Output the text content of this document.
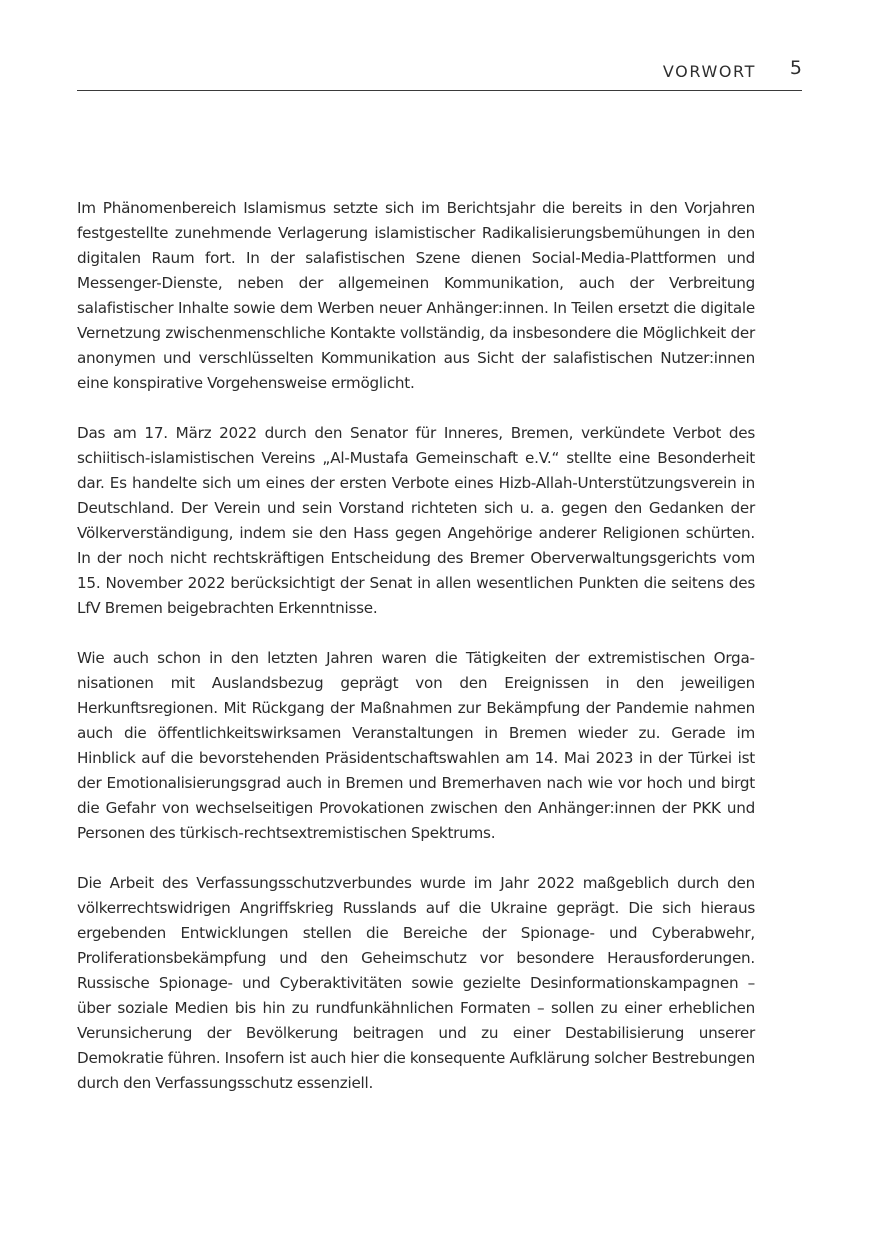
VORWORT 5

Im Phänomenbereich Islamismus setzte sich im Berichtsjahr die bereits in den Vorjahren festgestellte zunehmende Verlagerung islamistischer Radikalisierungsbemühungen in den digitalen Raum fort. In der salafistischen Szene dienen Social-Media-Plattformen und Messenger-Dienste, neben der allgemeinen Kommunikation, auch der Verbreitung salafistischer Inhalte sowie dem Werben neuer Anhänger:innen. In Teilen ersetzt die digitale Vernetzung zwischenmenschliche Kontakte vollständig, da insbesondere die Möglichkeit der anonymen und verschlüsselten Kommunikation aus Sicht der salafistischen Nutzer:innen eine konspirative Vorgehensweise ermöglicht.

Das am 17. März 2022 durch den Senator für Inneres, Bremen, verkündete Verbot des schiitisch-islamistischen Vereins „Al-Mustafa Gemeinschaft e.V.“ stellte eine Besonderheit dar. Es handelte sich um eines der ersten Verbote eines Hizb-Allah-Unterstützungsverein in Deutschland. Der Verein und sein Vorstand richteten sich u. a. gegen den Gedanken der Völkerverständigung, indem sie den Hass gegen Angehörige anderer Religionen schürten. In der noch nicht rechtskräftigen Entscheidung des Bremer Oberverwaltungsgerichts vom 15. November 2022 berücksichtigt der Senat in allen wesentlichen Punkten die seitens des LfV Bremen beigebrachten Erkenntnisse.

Wie auch schon in den letzten Jahren waren die Tätigkeiten der extremistischen Organisationen mit Auslandsbezug geprägt von den Ereignissen in den jeweiligen Herkunftsregionen. Mit Rückgang der Maßnahmen zur Bekämpfung der Pandemie nahmen auch die öffentlichkeitswirksamen Veranstaltungen in Bremen wieder zu. Gerade im Hinblick auf die bevorstehenden Präsidentschaftswahlen am 14. Mai 2023 in der Türkei ist der Emotionalisierungsgrad auch in Bremen und Bremerhaven nach wie vor hoch und birgt die Gefahr von wechselseitigen Provokationen zwischen den Anhänger:innen der PKK und Personen des türkisch-rechtsextremistischen Spektrums.

Die Arbeit des Verfassungsschutzverbundes wurde im Jahr 2022 maßgeblich durch den völkerrechtswidrigen Angriffskrieg Russlands auf die Ukraine geprägt. Die sich hieraus ergebenden Entwicklungen stellen die Bereiche der Spionage- und Cyberabwehr, Proliferationsbekämpfung und den Geheimschutz vor besondere Herausforderungen. Russische Spionage- und Cyberaktivitäten sowie gezielte Desinformationskampagnen – über soziale Medien bis hin zu rundfunkähnlichen Formaten – sollen zu einer erheblichen Verunsicherung der Bevölkerung beitragen und zu einer Destabilisierung unserer Demokratie führen. Insofern ist auch hier die konsequente Aufklärung solcher Bestrebungen durch den Verfassungsschutz essenziell.
